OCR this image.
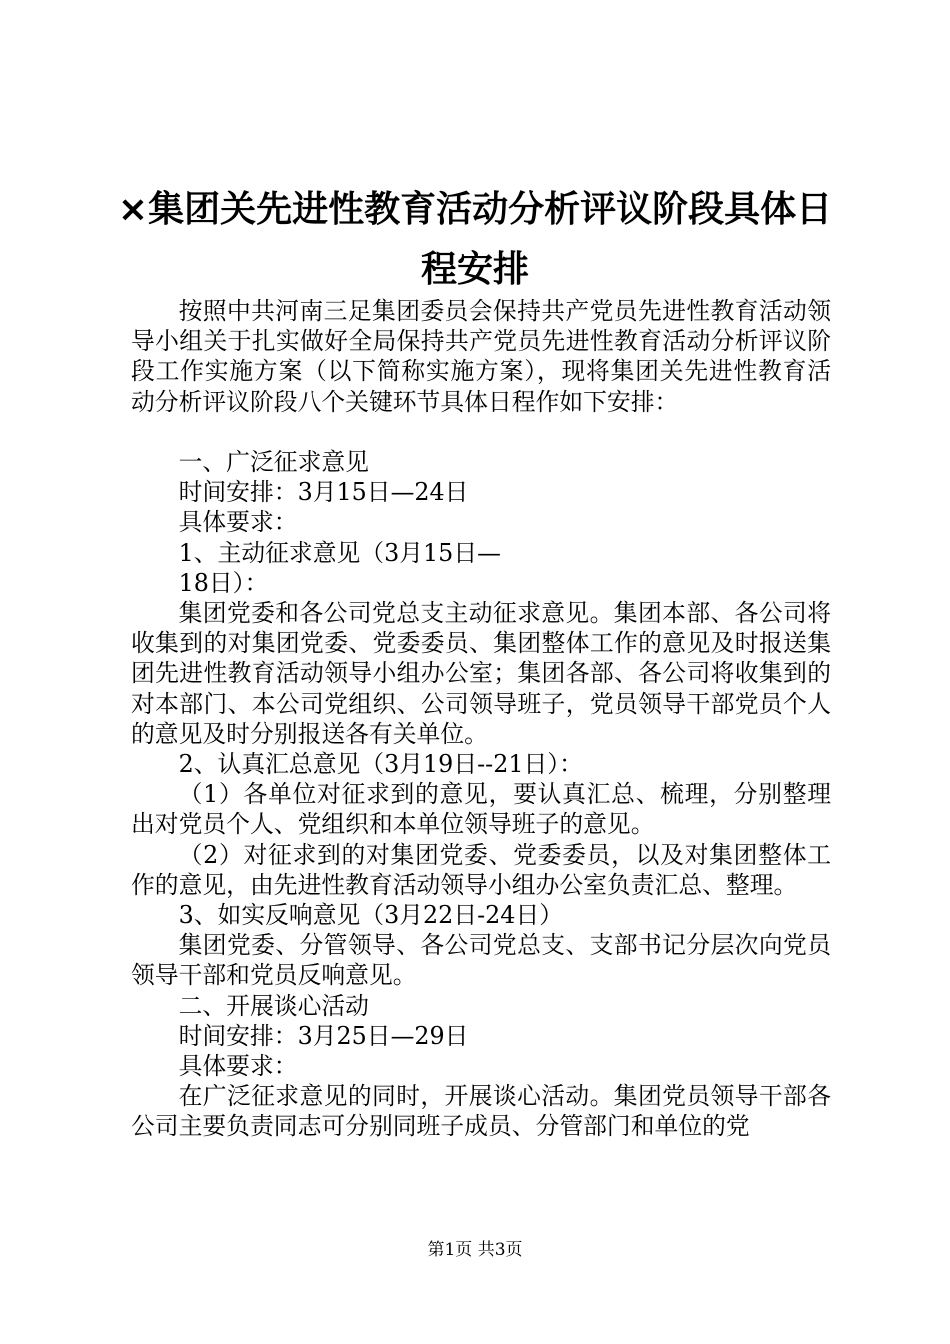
×集团关先进性教育活动分析评议阶段具体日
程安排

按照中共河南三足集团委员会保持共产党员先进性教育活动领导小组关于扎实做好全局保持共产党员先进性教育活动分析评议阶段工作实施方案（以下简称实施方案），现将集团关先进性教育活动分析评议阶段八个关键环节具体日程作如下安排：

一、广泛征求意见

时间安排：3月15日—24日

具体要求：

1、主动征求意见（3月15日—

18日）：

集团党委和各公司党总支主动征求意见。集团本部、各公司将收集到的对集团党委、党委委员、集团整体工作的意见及时报送集团先进性教育活动领导小组办公室；集团各部、各公司将收集到的对本部门、本公司党组织、公司领导班子，党员领导干部党员个人的意见及时分别报送各有关单位。

2、认真汇总意见（3月19日--21日）：

（1）各单位对征求到的意见，要认真汇总、梳理，分别整理出对党员个人、党组织和本单位领导班子的意见。

（2）对征求到的对集团党委、党委委员，以及对集团整体工作的意见，由先进性教育活动领导小组办公室负责汇总、整理。

3、如实反响意见（3月22日-24日）

集团党委、分管领导、各公司党总支、支部书记分层次向党员领导干部和党员反响意见。

二、开展谈心活动

时间安排：3月25日—29日

具体要求：

在广泛征求意见的同时，开展谈心活动。集团党员领导干部各公司主要负责同志可分别同班子成员、分管部门和单位的党

第1页 共3页
